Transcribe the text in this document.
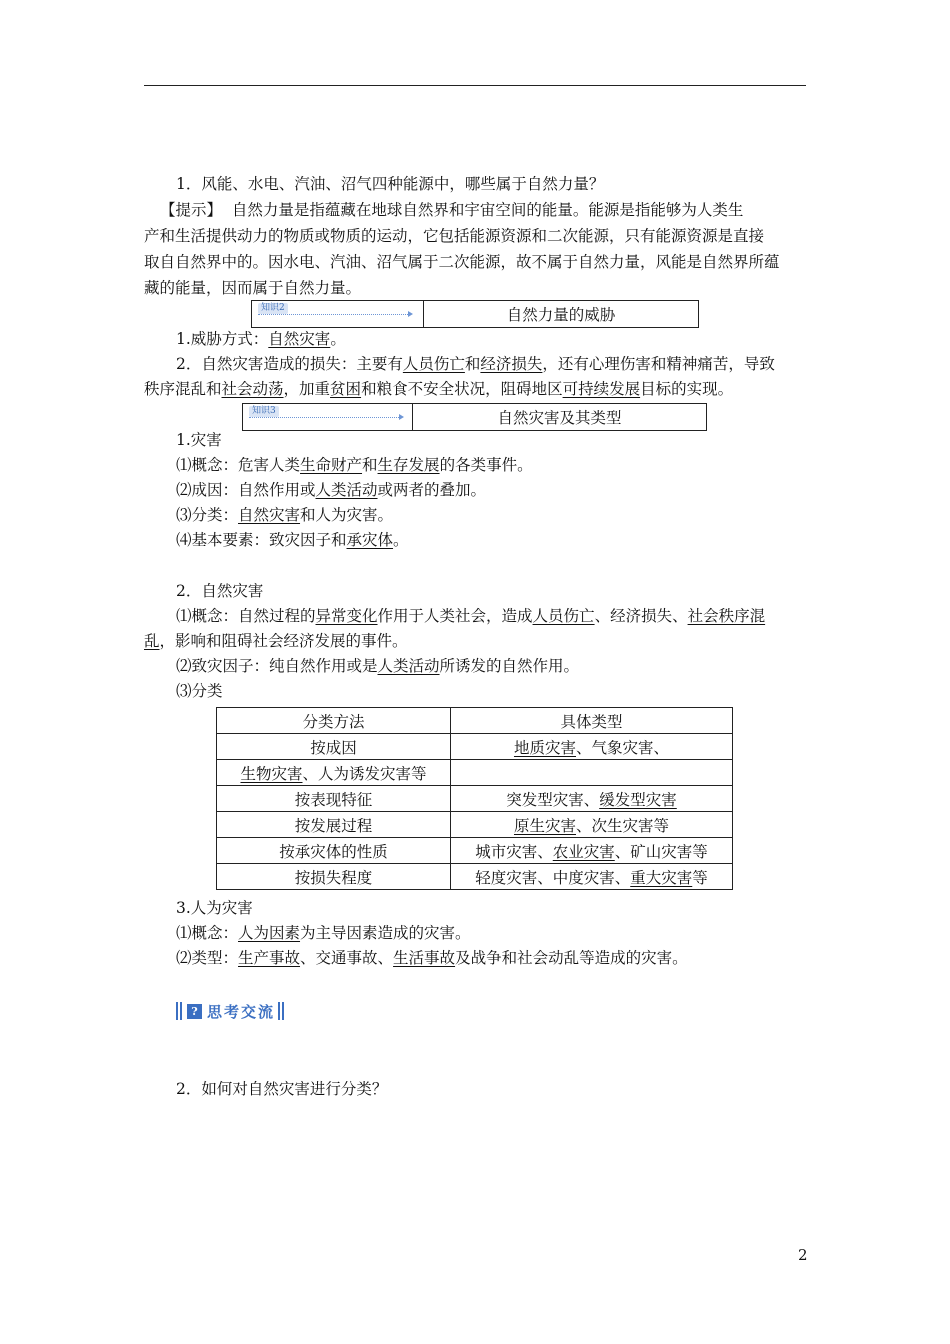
1．风能、水电、汽油、沼气四种能源中，哪些属于自然力量？
【提示】 自然力量是指蕴藏在地球自然界和宇宙空间的能量。能源是指能够为人类生
产和生活提供动力的物质或物质的运动，它包括能源资源和二次能源，只有能源资源是直接
取自自然界中的。因水电、汽油、沼气属于二次能源，故不属于自然力量，风能是自然界所蕴
藏的能量，因而属于自然力量。
知识2	自然力量的威胁
1.威胁方式：自然灾害。
2．自然灾害造成的损失：主要有人员伤亡和经济损失，还有心理伤害和精神痛苦，导致
秩序混乱和社会动荡，加重贫困和粮食不安全状况，阻碍地区可持续发展目标的实现。
知识3	自然灾害及其类型
1.灾害
⑴概念：危害人类生命财产和生存发展的各类事件。
⑵成因：自然作用或人类活动或两者的叠加。
⑶分类：自然灾害和人为灾害。
⑷基本要素：致灾因子和承灾体。
2．自然灾害
⑴概念：自然过程的异常变化作用于人类社会，造成人员伤亡、经济损失、社会秩序混
乱，影响和阻碍社会经济发展的事件。
⑵致灾因子：纯自然作用或是人类活动所诱发的自然作用。
⑶分类
分类方法	具体类型
按成因	地质灾害、气象灾害、
生物灾害、人为诱发灾害等	
按表现特征	突发型灾害、缓发型灾害
按发展过程	原生灾害、次生灾害等
按承灾体的性质	城市灾害、农业灾害、矿山灾害等
按损失程度	轻度灾害、中度灾害、重大灾害等
3.人为灾害
⑴概念：人为因素为主导因素造成的灾害。
⑵类型：生产事故、交通事故、生活事故及战争和社会动乱等造成的灾害。
? 思考交流
2．如何对自然灾害进行分类？
2
